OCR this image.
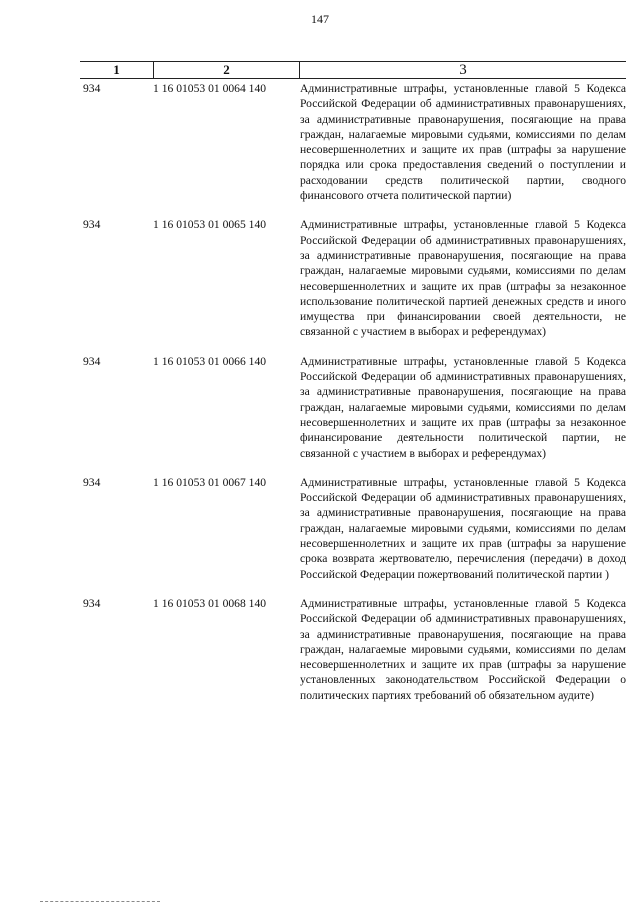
147
1	2	3
934	1 16 01053 01 0064 140	Административные штрафы, установленные главой 5 Кодекса Российской Федерации об административных правонарушениях, за административные правонарушения, посягающие на права граждан, налагаемые мировыми судьями, комиссиями по делам несовершеннолетних и защите их прав (штрафы за нарушение порядка или срока предоставления сведений о поступлении и расходовании средств политической партии, сводного финансового отчета политической партии)
934	1 16 01053 01 0065 140	Административные штрафы, установленные главой 5 Кодекса Российской Федерации об административных правонарушениях, за административные правонарушения, посягающие на права граждан, налагаемые мировыми судьями, комиссиями по делам несовершеннолетних и защите их прав (штрафы за незаконное использование политической партией денежных средств и иного имущества при финансировании своей деятельности, не связанной с участием в выборах и референдумах)
934	1 16 01053 01 0066 140	Административные штрафы, установленные главой 5 Кодекса Российской Федерации об административных правонарушениях, за административные правонарушения, посягающие на права граждан, налагаемые мировыми судьями, комиссиями по делам несовершеннолетних и защите их прав (штрафы за незаконное финансирование деятельности политической партии, не связанной с участием в выборах и референдумах)
934	1 16 01053 01 0067 140	Административные штрафы, установленные главой 5 Кодекса Российской Федерации об административных правонарушениях, за административные правонарушения, посягающие на права граждан, налагаемые мировыми судьями, комиссиями по делам несовершеннолетних и защите их прав (штрафы за нарушение срока возврата жертвователю, перечисления (передачи) в доход Российской Федерации пожертвований политической партии )
934	1 16 01053 01 0068 140	Административные штрафы, установленные главой 5 Кодекса Российской Федерации об административных правонарушениях, за административные правонарушения, посягающие на права граждан, налагаемые мировыми судьями, комиссиями по делам несовершеннолетних и защите их прав (штрафы за нарушение установленных законодательством Российской Федерации о политических партиях требований об обязательном аудите)
